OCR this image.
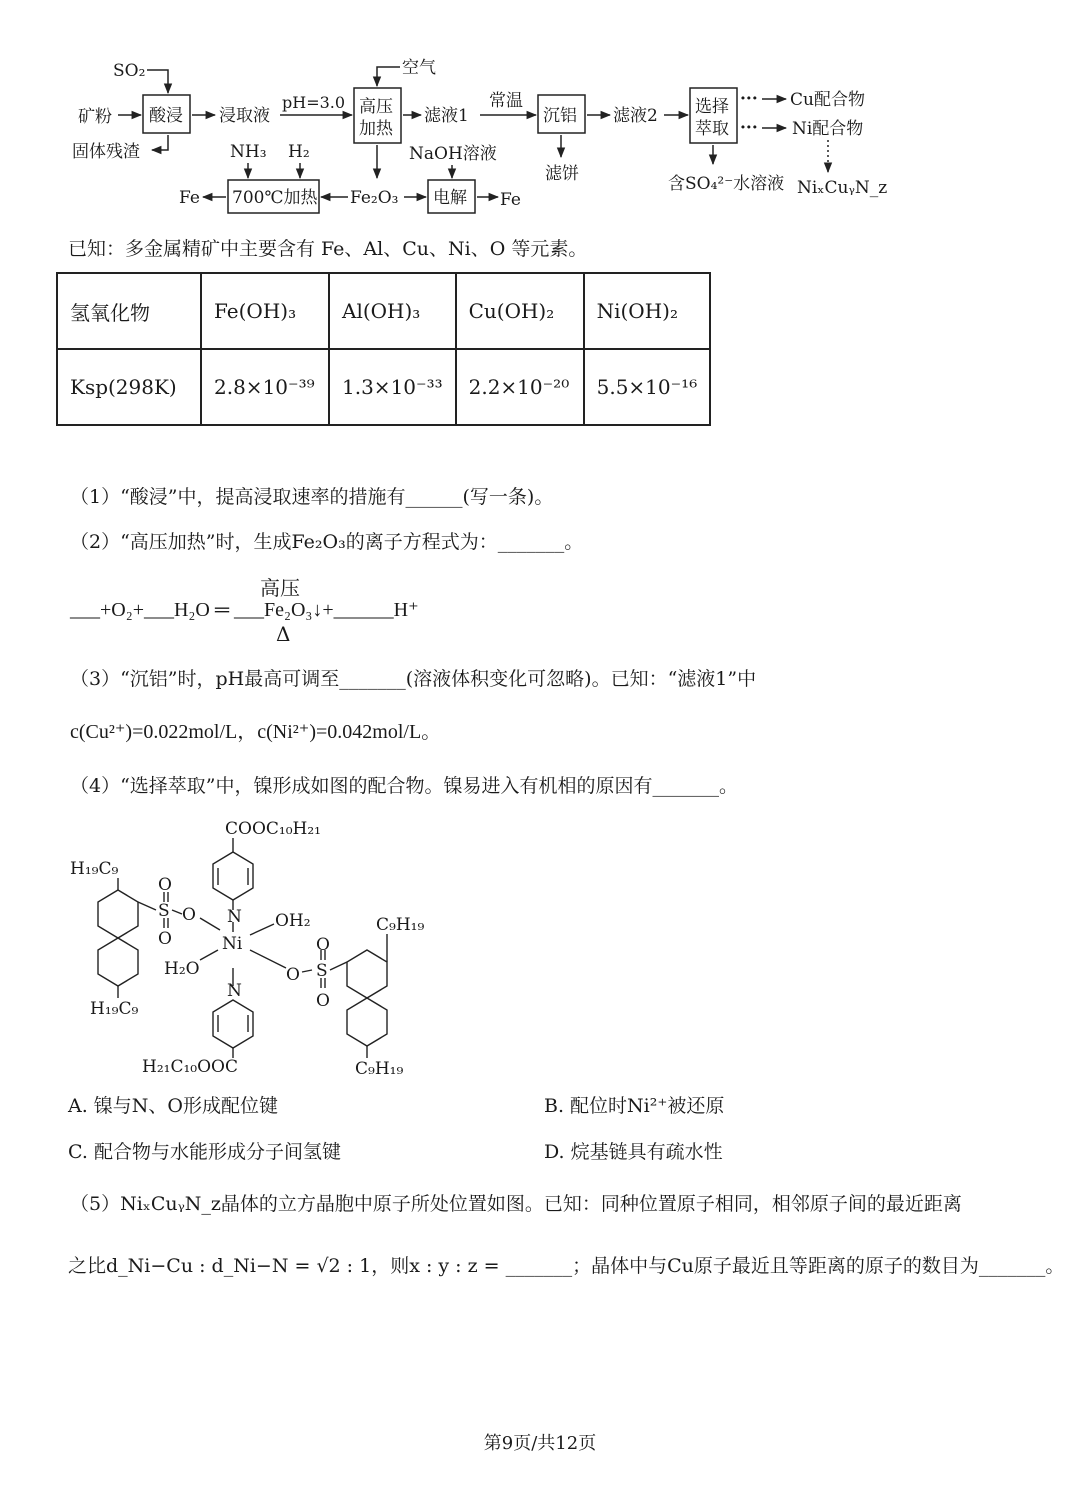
SO₂
矿粉 酸浸 浸取液
pH=3.0
空气
高压
加热
滤液1
常温
沉铝 滤液2 选择
萃取
···
···
Cu配合物
Ni配合物
固体残渣	NH₃ H₂	NaOH溶液
滤饼	含SO₄²⁻水溶液
Fe 700℃加热 Fe₂O₃ 电解 Fe
NiₓCuᵧN_z
已知：多金属精矿中主要含有 Fe、Al、Cu、Ni、O 等元素。
氢氧化物	Fe(OH)₃	Al(OH)₃	Cu(OH)₂	Ni(OH)₂
Ksp(298K)	2.8×10⁻³⁹	1.3×10⁻³³	2.2×10⁻²⁰	5.5×10⁻¹⁶
（1）“酸浸”中，提高浸取速率的措施有______(写一条)。
（2）“高压加热”时，生成Fe₂O₃的离子方程式为：_______。
___+O₂+___H₂O ═ ___Fe₂O₃↓+______H⁺
高压
Δ
（3）“沉铝”时，pH最高可调至_______(溶液体积变化可忽略)。已知：“滤液1”中
c(Cu²⁺)=0.022mol/L，c(Ni²⁺)=0.042mol/L。
（4）“选择萃取”中，镍形成如图的配合物。镍易进入有机相的原因有_______。
COOC₁₀H₂₁
N
Ni
OH₂
H₂O
N
H₂₁C₁₀OOC
H₁₉C₉
H₁₉C₉
S
O
O
O
O S
O
O
C₉H₁₉
C₉H₁₉
A. 镍与N、O形成配位键	B. 配位时Ni²⁺被还原
C. 配合物与水能形成分子间氢键	D. 烷基链具有疏水性
（5）NiₓCuᵧN_z晶体的立方晶胞中原子所处位置如图。已知：同种位置原子相同，相邻原子间的最近距离
之比d_Ni−Cu : d_Ni−N = √2 : 1，则x : y : z = _______；晶体中与Cu原子最近且等距离的原子的数目为_______。
第9页/共12页
